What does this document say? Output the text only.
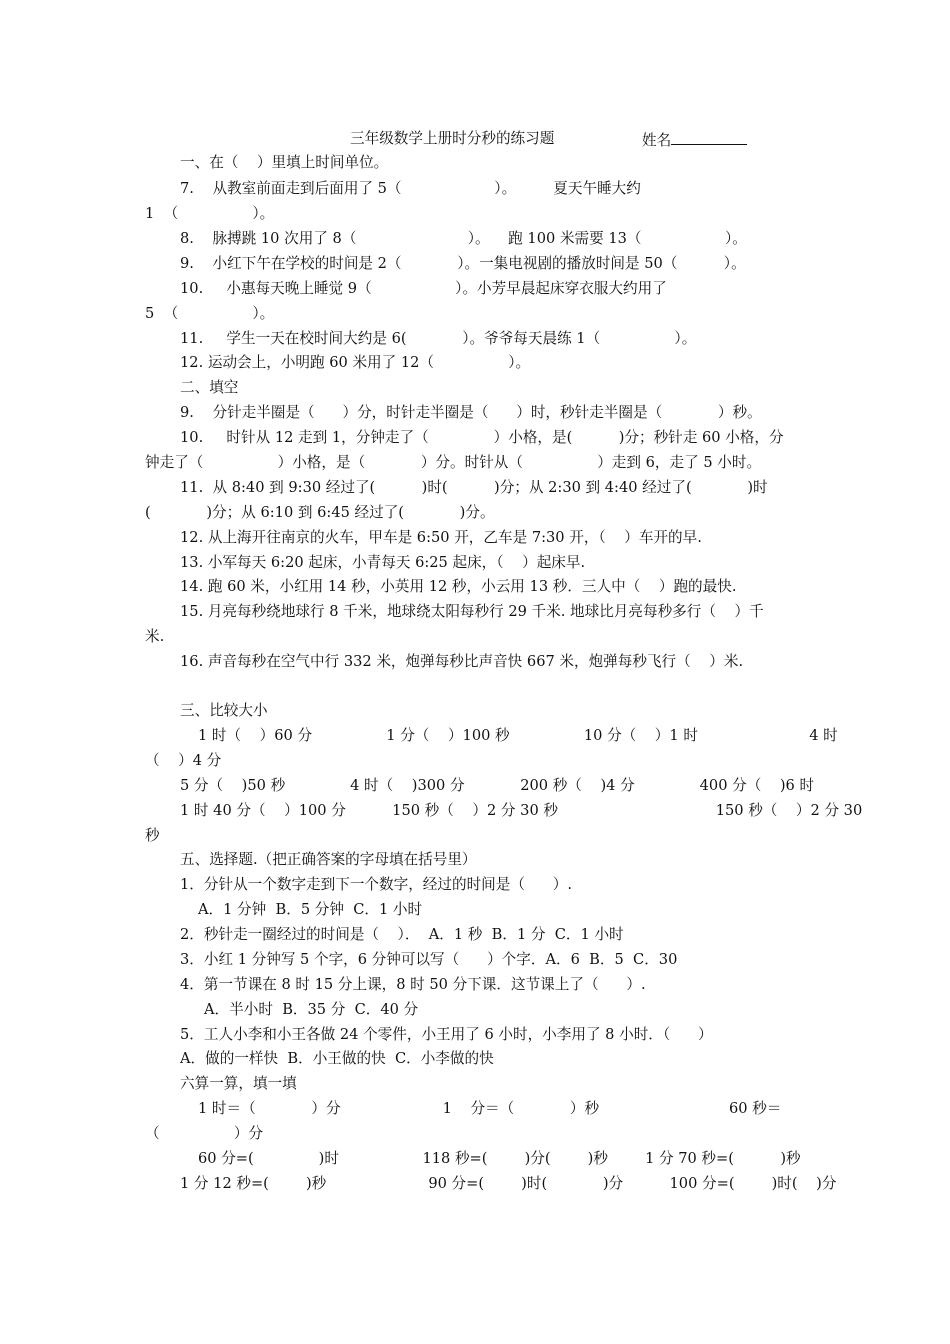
三年级数学上册时分秒的练习题	姓名
一、在（    ）里填上时间单位。
7.    从教室前面走到后面用了 5（                    ）。        夏天午睡大约
1  （                ）。
8.    脉搏跳 10 次用了 8（                        ）。    跑 100 米需要 13（                  ）。
9.    小红下午在学校的时间是 2（            ）。一集电视剧的播放时间是 50（          ）。
10.     小惠每天晚上睡觉 9（                  ）。小芳早晨起床穿衣服大约用了
5  （                ）。
11.     学生一天在校时间大约是 6(            ）。爷爷每天晨练 1（                ）。
12. 运动会上，小明跑 60 米用了 12（                ）。
二、填空
9.    分针走半圈是（      ）分，时针走半圈是（      ）时，秒针走半圈是（            ）秒。
10.     时针从 12 走到 1，分钟走了（              ）小格，是(          )分；秒针走 60 小格，分
钟走了（                ）小格，是（            ）分。时针从（                ）走到 6，走了 5 小时。
11.  从 8:40 到 9:30 经过了(          )时(          )分；从 2:30 到 4:40 经过了(            )时
(            )分；从 6:10 到 6:45 经过了(            )分。
12. 从上海开往南京的火车，甲车是 6:50 开，乙车是 7:30 开，（    ）车开的早.
13. 小军每天 6:20 起床，小青每天 6:25 起床，（    ）起床早.
14. 跑 60 米，小红用 14 秒，小英用 12 秒，小云用 13 秒．三人中（    ）跑的最快.
15. 月亮每秒绕地球行 8 千米，地球绕太阳每秒行 29 千米. 地球比月亮每秒多行（    ）千
米.
16. 声音每秒在空气中行 332 米，炮弹每秒比声音快 667 米，炮弹每秒飞行（    ）米.
三、比较大小
1 时（    ）60 分                1 分（    ）100 秒                10 分（    ）1 时                        4 时
（    ）4 分
5 分（    )50 秒              4 时（    )300 分            200 秒（    )4 分              400 分（    )6 时
1 时 40 分（    ）100 分          150 秒（    ）2 分 30 秒                                  150 秒（    ）2 分 30
秒
五、选择题.（把正确答案的字母填在括号里）
1．分针从一个数字走到下一个数字，经过的时间是（      ）.
A．1 分钟  B．5 分钟  C．1 小时
2．秒针走一圈经过的时间是（    ）．  A．1 秒  B．1 分  C．1 小时
3．小红 1 分钟写 5 个字，6 分钟可以写（      ）个字．A．6  B．5  C．30
4．第一节课在 8 时 15 分上课，8 时 50 分下课．这节课上了（      ）.
A．半小时  B．35 分  C．40 分
5．工人小李和小王各做 24 个零件，小王用了 6 小时，小李用了 8 小时．（      ）
A．做的一样快  B．小王做的快  C．小李做的快
六算一算，填一填
1 时＝（            ）分                      1    分＝（            ）秒                            60 秒＝
（                ）分
60 分=(              )时                  118 秒=(        )分(        )秒        1 分 70 秒=(          )秒
1 分 12 秒=(        )秒                      90 分=(        )时(            )分          100 分=(        )时(    )分
